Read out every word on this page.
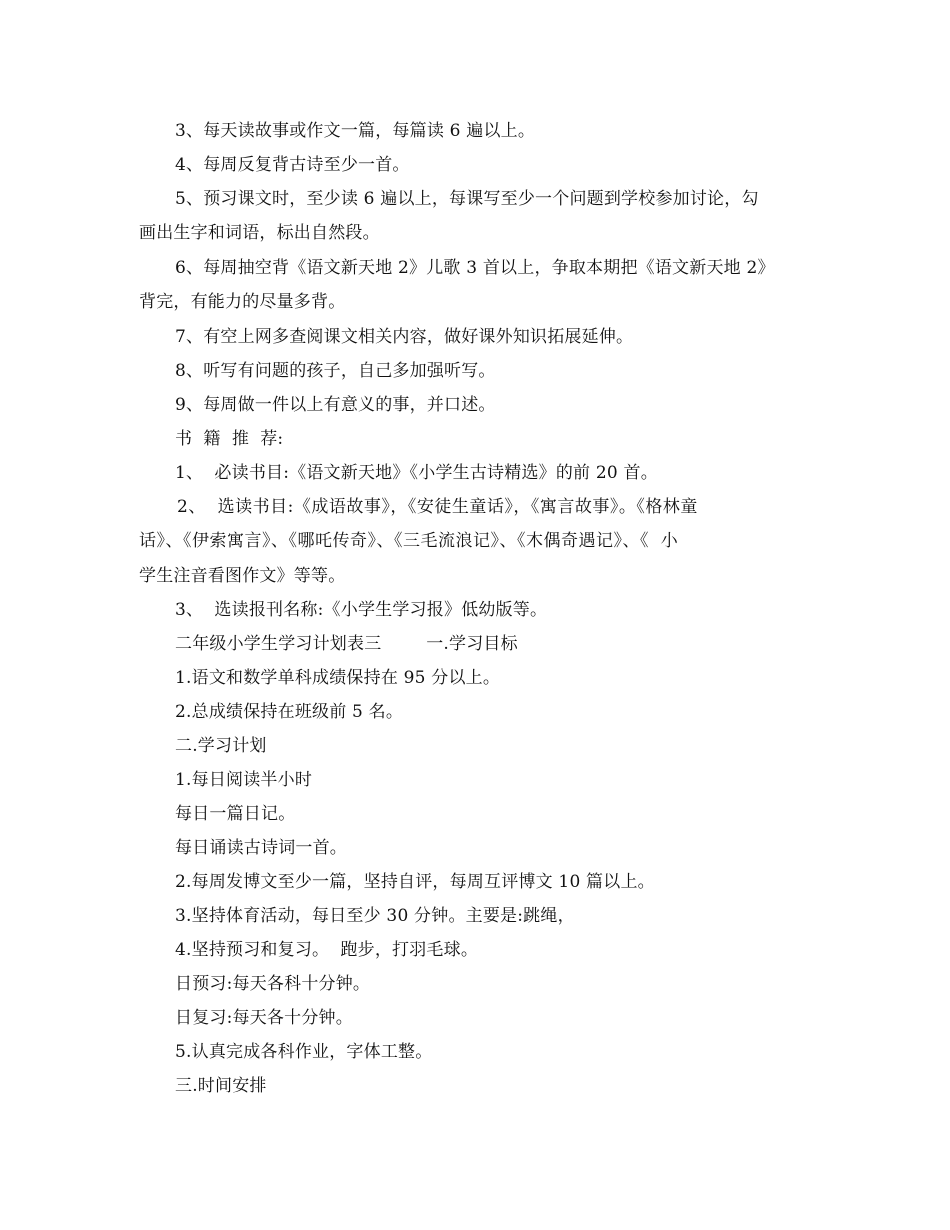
3、每天读故事或作文一篇，每篇读 6 遍以上。
4、每周反复背古诗至少一首。
5、预习课文时，至少读 6 遍以上，每课写至少一个问题到学校参加讨论，勾
画出生字和词语，标出自然段。
6、每周抽空背《语文新天地 2》儿歌 3 首以上，争取本期把《语文新天地 2》
背完，有能力的尽量多背。
7、有空上网多查阅课文相关内容，做好课外知识拓展延伸。
8、听写有问题的孩子，自己多加强听写。
9、每周做一件以上有意义的事，并口述。
书  籍  推  荐:
1、  必读书目:《语文新天地》《小学生古诗精选》的前 20 首。
2、  选读书目:《成语故事》，《安徒生童话》，《寓言故事》。《格林童
话》、《伊索寓言》、《哪吒传奇》、《三毛流浪记》、《木偶奇遇记》、《  小
学生注音看图作文》等等。
3、  选读报刊名称:《小学生学习报》低幼版等。
二年级小学生学习计划表三        一.学习目标
1.语文和数学单科成绩保持在 95 分以上。
2.总成绩保持在班级前 5 名。
二.学习计划
1.每日阅读半小时
每日一篇日记。
每日诵读古诗词一首。
2.每周发博文至少一篇，坚持自评，每周互评博文 10 篇以上。
3.坚持体育活动，每日至少 30 分钟。主要是:跳绳，
4.坚持预习和复习。  跑步，打羽毛球。
日预习:每天各科十分钟。
日复习:每天各十分钟。
5.认真完成各科作业，字体工整。
三.时间安排
